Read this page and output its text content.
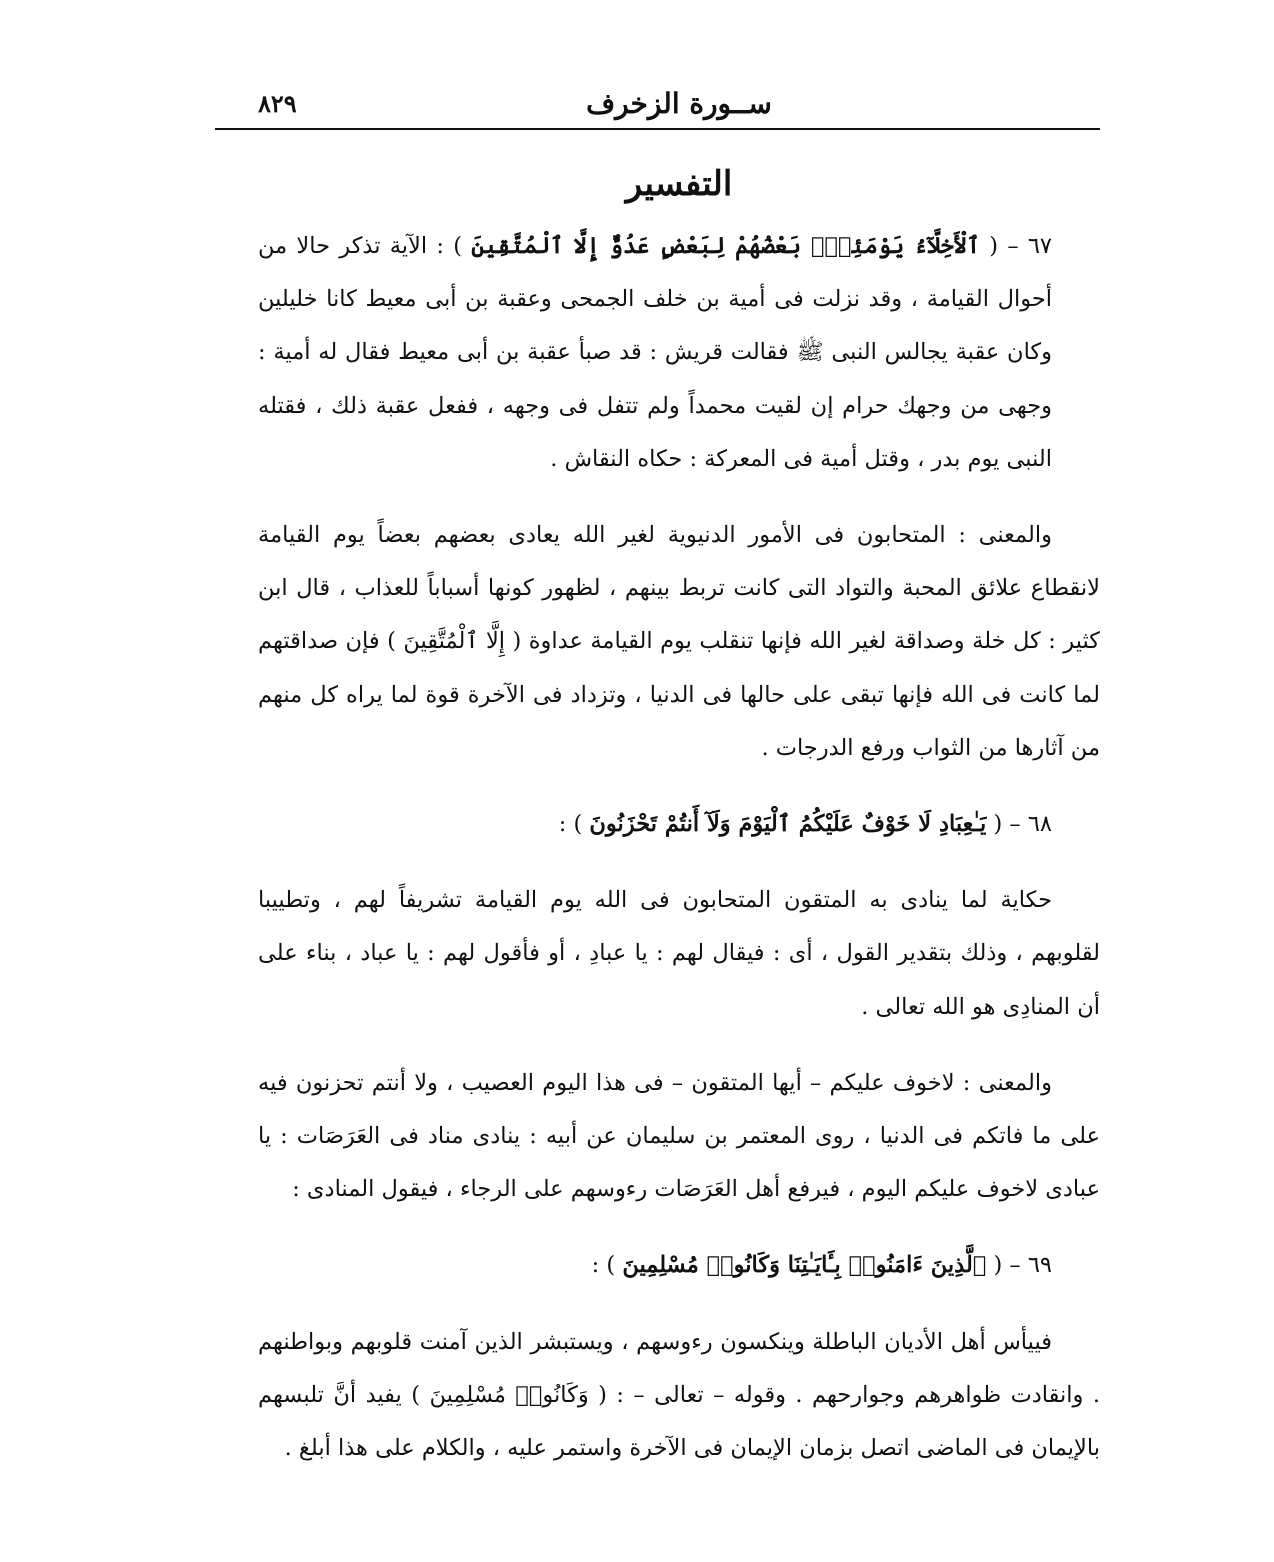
ســورة الزخرف
٨٢٩
التفسير

٦٧ – ( ٱلْأَخِلَّآءُ يَوْمَئِذٍۭ بَعْضُهُمْ لِبَعْضٍ عَدُوٌّ إِلَّا ٱلْمُتَّقِينَ ) : الآية تذكر حالا من أحوال القيامة ، وقد نزلت فى أمية بن خلف الجمحى وعقبة بن أبى معيط كانا خليلين وكان عقبة يجالس النبى ﷺ فقالت قريش : قد صبأ عقبة بن أبى معيط فقال له أمية : وجهى من وجهك حرام إن لقيت محمداً ولم تتفل فى وجهه ، ففعل عقبة ذلك ، فقتله النبى يوم بدر ، وقتل أمية فى المعركة : حكاه النقاش .

والمعنى : المتحابون فى الأمور الدنيوية لغير الله يعادى بعضهم بعضاً يوم القيامة لانقطاع علائق المحبة والتواد التى كانت تربط بينهم ، لظهور كونها أسباباً للعذاب ، قال ابن كثير : كل خلة وصداقة لغير الله فإنها تنقلب يوم القيامة عداوة ( إِلَّا ٱلْمُتَّقِينَ ) فإن صداقتهم لما كانت فى الله فإنها تبقى على حالها فى الدنيا ، وتزداد فى الآخرة قوة لما يراه كل منهم من آثارها من الثواب ورفع الدرجات .

٦٨ – ( يَـٰعِبَادِ لَا خَوْفٌ عَلَيْكُمُ ٱلْيَوْمَ وَلَآ أَنتُمْ تَحْزَنُونَ ) :

حكاية لما ينادى به المتقون المتحابون فى الله يوم القيامة تشريفاً لهم ، وتطييبا لقلوبهم ، وذلك بتقدير القول ، أى : فيقال لهم : يا عبادِ ، أو فأقول لهم : يا عباد ، بناء على أن المنادِى هو الله تعالى .

والمعنى : لاخوف عليكم – أيها المتقون – فى هذا اليوم العصيب ، ولا أنتم تحزنون فيه على ما فاتكم فى الدنيا ، روى المعتمر بن سليمان عن أبيه : ينادى مناد فى العَرَصَات : يا عبادى لاخوف عليكم اليوم ، فيرفع أهل العَرَصَات رءوسهم على الرجاء ، فيقول المنادى :

٦٩ – ( ٱلَّذِينَ ءَامَنُوا۟ بِـَٔايَـٰتِنَا وَكَانُوا۟ مُسْلِمِينَ ) :

فييأس أهل الأديان الباطلة وينكسون رءوسهم ، ويستبشر الذين آمنت قلوبهم وبواطنهم . وانقادت ظواهرهم وجوارحهم . وقوله – تعالى – : ( وَكَانُوا۟ مُسْلِمِينَ ) يفيد أنَّ تلبسهم بالإيمان فى الماضى اتصل بزمان الإيمان فى الآخرة واستمر عليه ، والكلام على هذا أبلغ .
